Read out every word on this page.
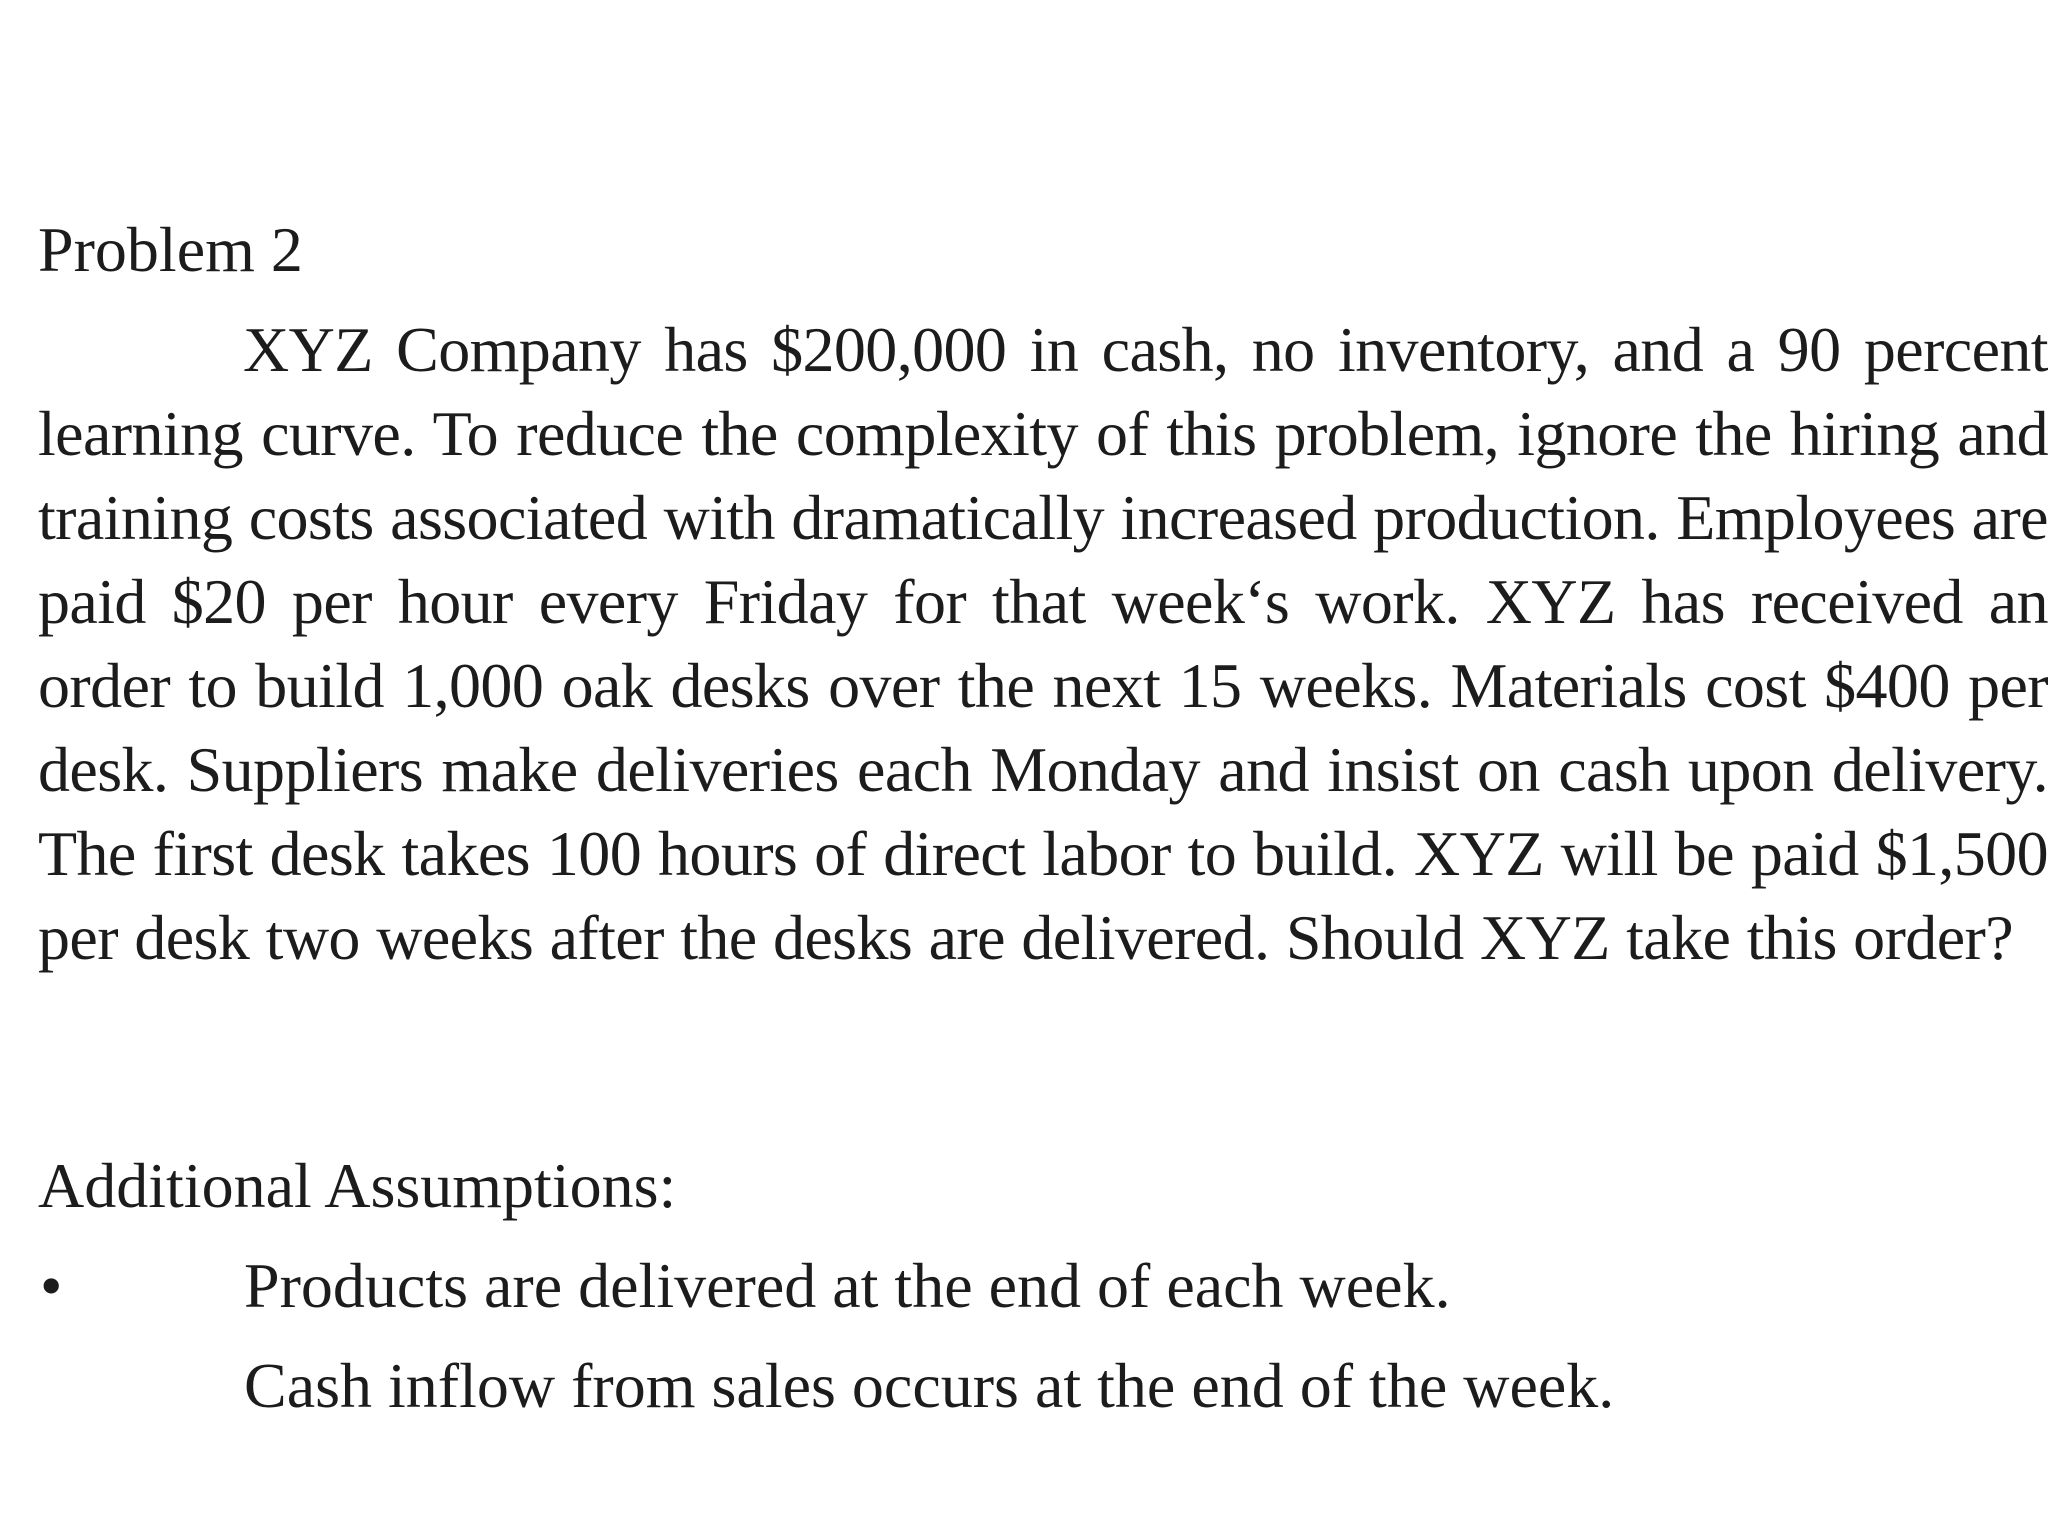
Problem 2

XYZ Company has $200,000 in cash, no inventory, and a 90 percent learning curve. To reduce the complexity of this problem, ignore the hiring and training costs associated with dramatically increased production. Employees are paid $20 per hour every Friday for that week‘s work. XYZ has received an order to build 1,000 oak desks over the next 15 weeks. Materials cost $400 per desk. Suppliers make deliveries each Monday and insist on cash upon delivery. The first desk takes 100 hours of direct labor to build. XYZ will be paid $1,500 per desk two weeks after the desks are delivered. Should XYZ take this order?

Additional Assumptions:
•	Products are delivered at the end of each week.
Cash inflow from sales occurs at the end of the week.
